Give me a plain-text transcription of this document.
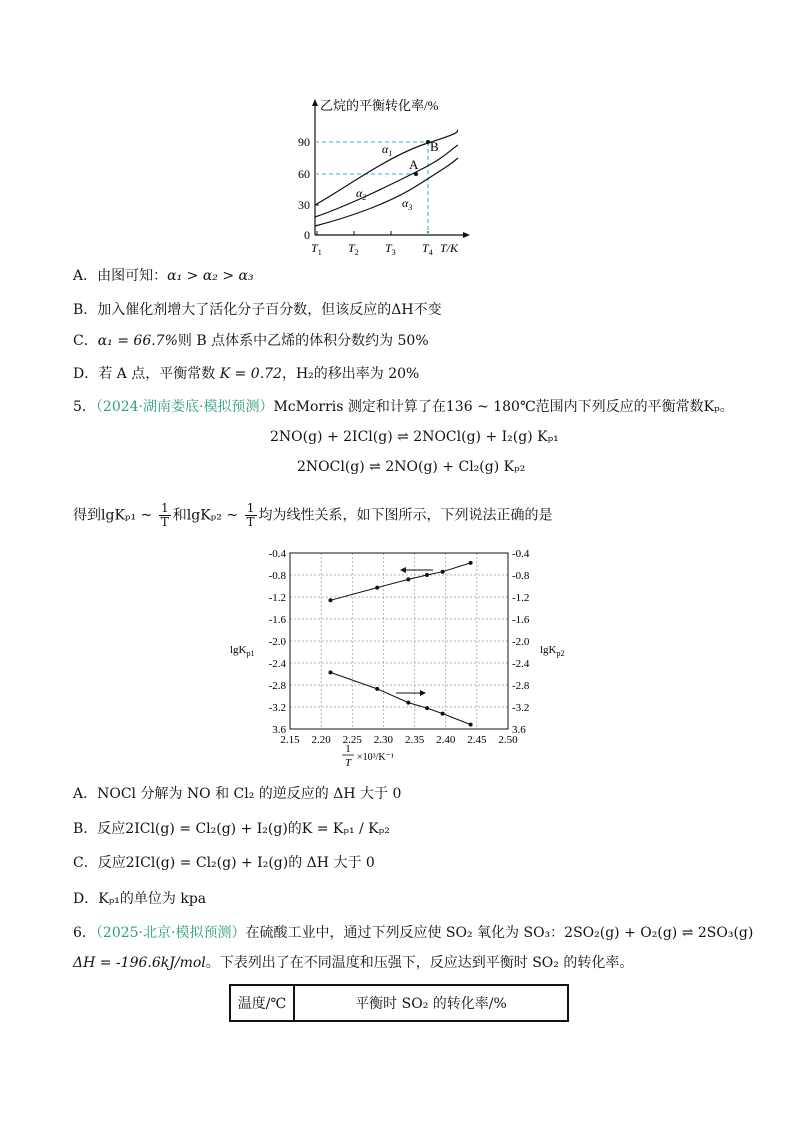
乙烷的平衡转化率/%
90
60
30
0
$T_1$ $T_2$ $T_3$ $T_4$ T/K
$\alpha_1$
$\alpha_2$	$\alpha_3$
A
B
A．由图可知：α₁ > α₂ > α₃
B．加入催化剂增大了活化分子百分数，但该反应的ΔH不变
C．α₁ = 66.7%则 B 点体系中乙烯的体积分数约为 50%
D．若 A 点，平衡常数 K = 0.72，H₂的移出率为 20%
5．（2024·湖南娄底·模拟预测）McMorris 测定和计算了在136 ~ 180℃范围内下列反应的平衡常数Kₚ。
2NO(g) + 2ICl(g) ⇌ 2NOCl(g) + I₂(g) Kₚ₁
2NOCl(g) ⇌ 2NO(g) + Cl₂(g) Kₚ₂
得到lgKₚ₁ ~ $\frac{1}{T}$ 和lgKₚ₂ ~ $\frac{1}{T}$ 均为线性关系，如下图所示，下列说法正确的是
-0.4
-0.8
-1.2
-1.6
-2.0
-2.4
-2.8
-3.2
3.6
-0.4
-0.8
-1.2
-1.6
-2.0
-2.4
-2.8
-3.2
3.6
2.15 2.20 2.25 2.30 2.35 2.40 2.45 2.50
lgK$_{p1}$	lgK$_{p2}$
1
T ×10³/K⁻¹
A．NOCl 分解为 NO 和 Cl₂ 的逆反应的 ΔH 大于 0
B．反应2ICl(g) = Cl₂(g) + I₂(g)的K = Kₚ₁ / Kₚ₂
C．反应2ICl(g) = Cl₂(g) + I₂(g)的 ΔH 大于 0
D．Kₚ₁的单位为 kpa
6．（2025·北京·模拟预测）在硫酸工业中，通过下列反应使 SO₂ 氧化为 SO₃：2SO₂(g) + O₂(g) ⇌ 2SO₃(g)
ΔH = -196.6kJ/mol。下表列出了在不同温度和压强下，反应达到平衡时 SO₂ 的转化率。
温度/℃	平衡时 SO₂ 的转化率/%
